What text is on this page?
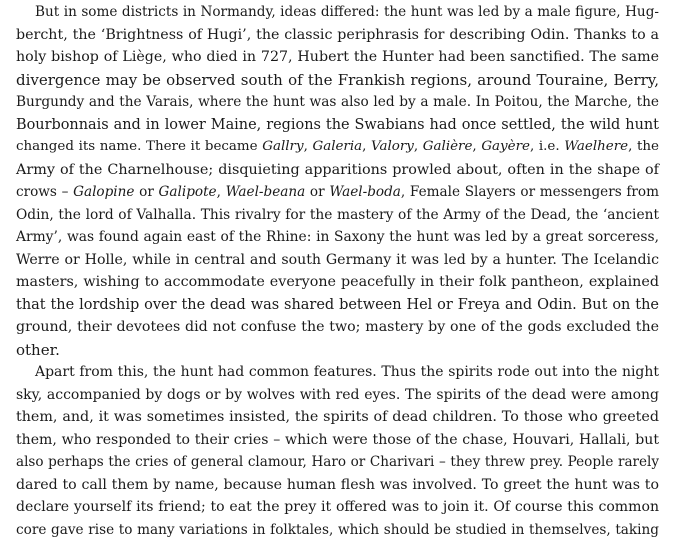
But in some districts in Normandy, ideas differed: the hunt was led by a male figure, Hug-
bercht, the ‘Brightness of Hugi’, the classic periphrasis for describing Odin. Thanks to a
holy bishop of Liège, who died in 727, Hubert the Hunter had been sanctified. The same
divergence may be observed south of the Frankish regions, around Touraine, Berry,
Burgundy and the Varais, where the hunt was also led by a male. In Poitou, the Marche, the
Bourbonnais and in lower Maine, regions the Swabians had once settled, the wild hunt
changed its name. There it became Gallry, Galeria, Valory, Galière, Gayère, i.e. Waelhere, the
Army of the Charnelhouse; disquieting apparitions prowled about, often in the shape of
crows – Galopine or Galipote, Wael-beana or Wael-boda, Female Slayers or messengers from
Odin, the lord of Valhalla. This rivalry for the mastery of the Army of the Dead, the ‘ancient
Army’, was found again east of the Rhine: in Saxony the hunt was led by a great sorceress,
Werre or Holle, while in central and south Germany it was led by a hunter. The Icelandic
masters, wishing to accommodate everyone peacefully in their folk pantheon, explained
that the lordship over the dead was shared between Hel or Freya and Odin. But on the
ground, their devotees did not confuse the two; mastery by one of the gods excluded the
other.
Apart from this, the hunt had common features. Thus the spirits rode out into the night
sky, accompanied by dogs or by wolves with red eyes. The spirits of the dead were among
them, and, it was sometimes insisted, the spirits of dead children. To those who greeted
them, who responded to their cries – which were those of the chase, Houvari, Hallali, but
also perhaps the cries of general clamour, Haro or Charivari – they threw prey. People rarely
dared to call them by name, because human flesh was involved. To greet the hunt was to
declare yourself its friend; to eat the prey it offered was to join it. Of course this common
core gave rise to many variations in folktales, which should be studied in themselves, taking
